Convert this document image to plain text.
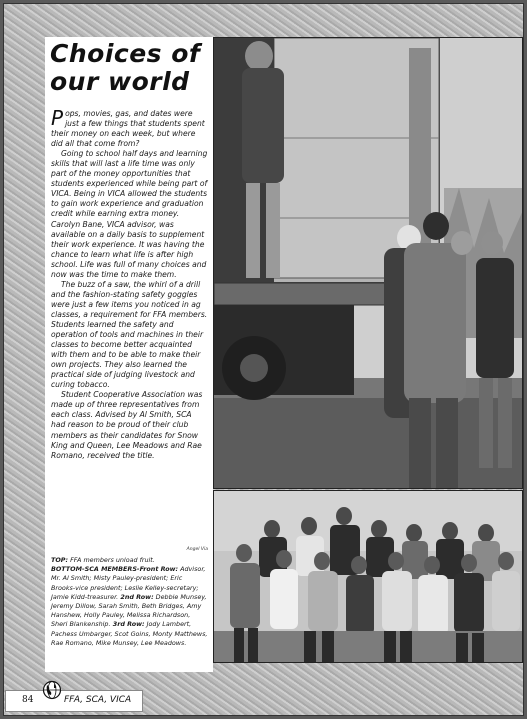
Choices of our world

Pops, movies, gas, and dates were just a few things that students spent their money on each week, but where did all that come from?

Going to school half days and learning skills that will last a life time was only part of the money opportunities that students experienced while being part of VICA. Being in VICA allowed the students to gain work experience and graduation credit while earning extra money. Carolyn Bane, VICA advisor, was available on a daily basis to supplement their work experience. It was having the chance to learn what life is after high school. Life was full of many choices and now was the time to make them.

The buzz of a saw, the whirl of a drill and the fashion-stating safety goggles were just a few items you noticed in ag classes, a requirement for FFA members. Students learned the safety and operation of tools and machines in their classes to become better acquainted with them and to be able to make their own projects. They also learned the practical side of judging livestock and curing tobacco.

Student Cooperative Association was made up of three representatives from each class. Advised by Al Smith, SCA had reason to be proud of their club members as their candidates for Snow King and Queen, Lee Meadows and Rae Romano, received the title.

Angel Via
TOP: FFA members unload fruit.
BOTTOM-SCA MEMBERS-Front Row: Advisor, Mr. Al Smith; Misty Pauley-president; Eric Brooks-vice president; Leslie Kelley-secretary; Jamie Kidd-treasurer. 2nd Row: Debbie Munsey, Jeremy Dillow, Sarah Smith, Beth Bridges, Amy Hanshew, Holly Pauley, Melissa Richardson, Sheri Blankenship. 3rd Row: Jody Lambert, Pachess Umbarger, Scot Goins, Monty Matthews, Rae Romano, Mike Munsey, Lee Meadows.
84	FFA, SCA, VICA
